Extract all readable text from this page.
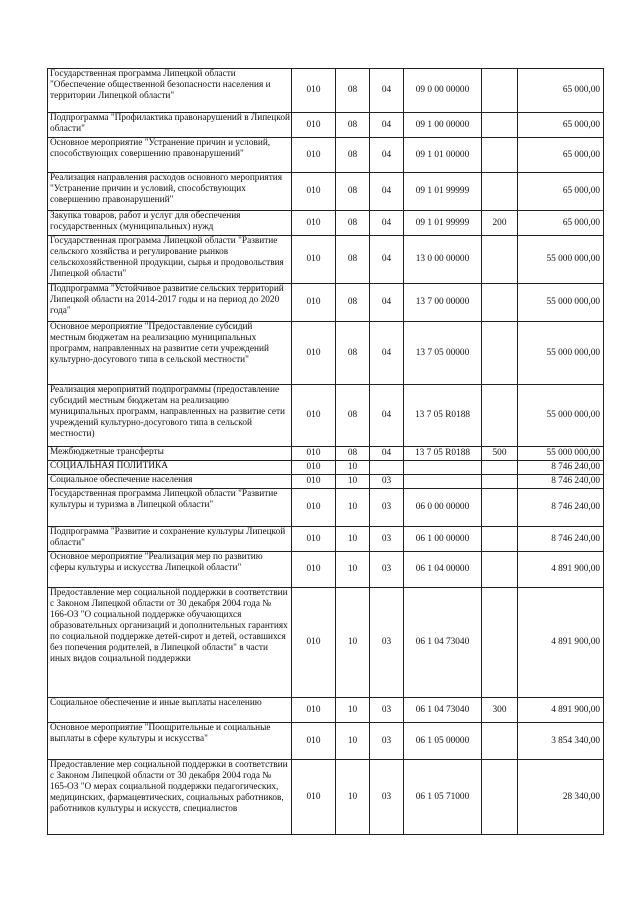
Государственная программа Липецкой области "Обеспечение общественной безопасности населения и территории Липецкой области"	010	08	04	09 0 00 00000		65 000,00
Подпрограмма "Профилактика правонарушений в Липецкой области"	010	08	04	09 1 00 00000		65 000,00
Основное мероприятие "Устранение причин и условий, способствующих совершению правонарушений"	010	08	04	09 1 01 00000		65 000,00
Реализация направления расходов основного мероприятия "Устранение причин и условий, способствующих совершению правонарушений"	010	08	04	09 1 01 99999		65 000,00
Закупка товаров, работ и услуг для обеспечения государственных (муниципальных) нужд	010	08	04	09 1 01 99999	200	65 000,00
Государственная программа Липецкой области "Развитие сельского хозяйства и регулирование рынков сельскохозяйственной продукции, сырья и продовольствия Липецкой области"	010	08	04	13 0 00 00000		55 000 000,00
Подпрограмма "Устойчивое развитие сельских территорий Липецкой области на 2014-2017 годы и на период до 2020 года"	010	08	04	13 7 00 00000		55 000 000,00
Основное мероприятие "Предоставление субсидий местным бюджетам на реализацию муниципальных программ, направленных на развитие сети учреждений культурно-досугового типа в сельской местности"	010	08	04	13 7 05 00000		55 000 000,00
Реализация мероприятий подпрограммы (предоставление субсидий местным бюджетам на реализацию муниципальных программ, направленных на развитие сети учреждений культурно-досугового типа в сельской местности)	010	08	04	13 7 05 R0188		55 000 000,00
Межбюджетные трансферты	010	08	04	13 7 05 R0188	500	55 000 000,00
СОЦИАЛЬНАЯ ПОЛИТИКА	010	10				8 746 240,00
Социальное обеспечение населения	010	10	03			8 746 240,00
Государственная программа Липецкой области "Развитие культуры и туризма в Липецкой области"	010	10	03	06 0 00 00000		8 746 240,00
Подпрограмма "Развитие и сохранение культуры Липецкой области"	010	10	03	06 1 00 00000		8 746 240,00
Основное мероприятие "Реализация мер по развитию сферы культуры и искусства Липецкой области"	010	10	03	06 1 04 00000		4 891 900,00
Предоставление мер социальной поддержки в соответствии с Законом Липецкой области от 30 декабря 2004 года № 166-ОЗ "О социальной поддержке обучающихся образовательных организаций и дополнительных гарантиях по социальной поддержке детей-сирот и детей, оставшихся без попечения родителей, в Липецкой области" в части иных видов социальной поддержки	010	10	03	06 1 04 73040		4 891 900,00
Социальное обеспечение и иные выплаты населению	010	10	03	06 1 04 73040	300	4 891 900,00
Основное мероприятие "Поощрительные и социальные выплаты в сфере культуры и искусства"	010	10	03	06 1 05 00000		3 854 340,00
Предоставление мер социальной поддержки в соответствии с Законом Липецкой области от 30 декабря 2004 года № 165-ОЗ "О мерах социальной поддержки педагогических, медицинских, фармацевтических, социальных работников, работников культуры и искусств, специалистов	010	10	03	06 1 05 71000		28 340,00
